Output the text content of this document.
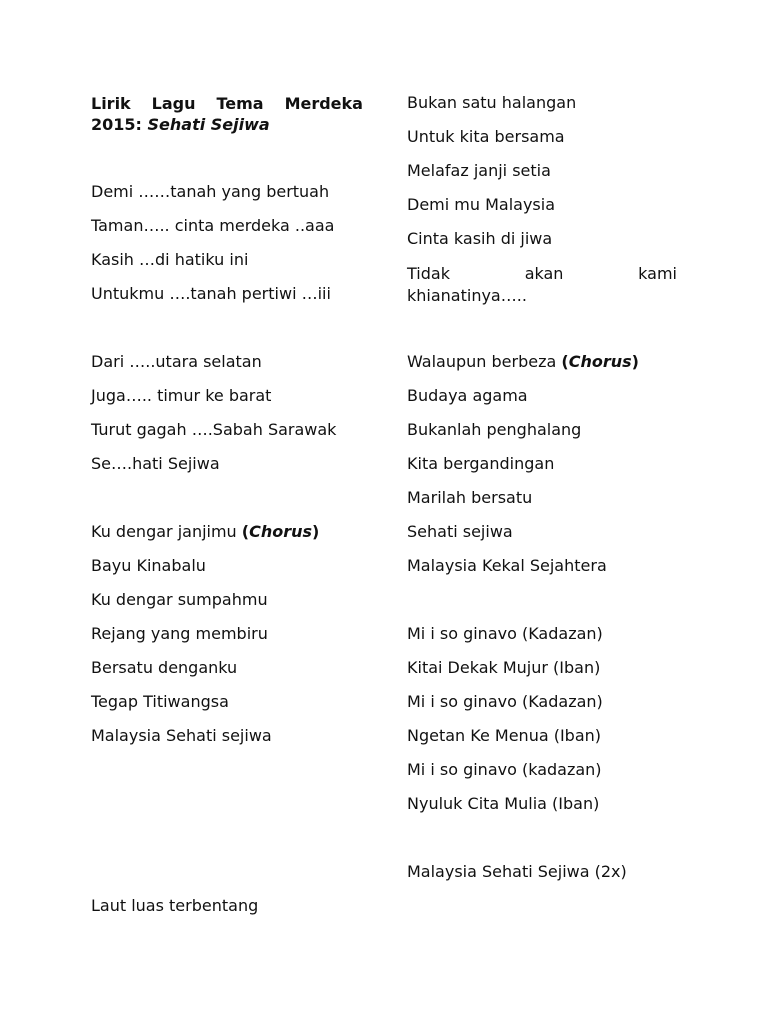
Lirik Lagu Tema Merdeka
2015: Sehati Sejiwa
Demi ……tanah yang bertuah
Taman….. cinta merdeka ..aaa
Kasih …di hatiku ini
Untukmu ….tanah pertiwi …iii
Dari …..utara selatan
Juga….. timur ke barat
Turut gagah ….Sabah Sarawak
Se….hati Sejiwa
Ku dengar janjimu (Chorus)
Bayu Kinabalu
Ku dengar sumpahmu
Rejang yang membiru
Bersatu denganku
Tegap Titiwangsa
Malaysia Sehati sejiwa
Laut luas terbentang
Bukan satu halangan
Untuk kita bersama
Melafaz janji setia
Demi mu Malaysia
Cinta kasih di jiwa
Tidak	akan	kami
khianatinya…..
Walaupun berbeza (Chorus)
Budaya agama
Bukanlah penghalang
Kita bergandingan
Marilah bersatu
Sehati sejiwa
Malaysia Kekal Sejahtera
Mi i so ginavo (Kadazan)
Kitai Dekak Mujur (Iban)
Mi i so ginavo (Kadazan)
Ngetan Ke Menua (Iban)
Mi i so ginavo (kadazan)
Nyuluk Cita Mulia (Iban)
Malaysia Sehati Sejiwa (2x)
